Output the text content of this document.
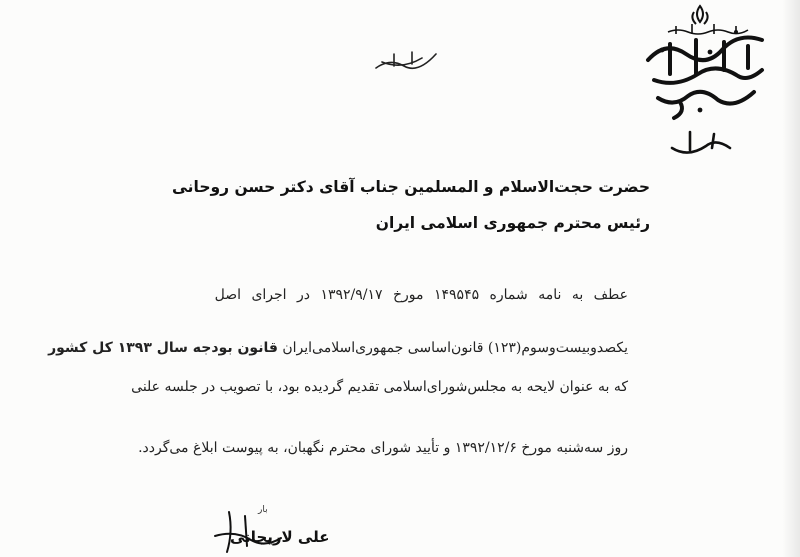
حضرت حجت‌الاسلام و المسلمین جناب آقای دکتر حسن روحانی
رئیس محترم جمهوری اسلامی ایران
عطف به نامه شماره ۱۴۹۵۴۵ مورخ ۱۳۹۲/۹/۱۷ در اجرای اصل
یکصدوبیست‌وسوم(۱۲۳) قانون‌اساسی جمهوری‌اسلامی‌ایران قانون بودجه سال ۱۳۹۳ کل کشور
که به عنوان لایحه به مجلس‌شورای‌اسلامی تقدیم گردیده بود، با تصویب در جلسه علنی
روز سه‌شنبه مورخ ۱۳۹۲/۱۲/۶ و تأیید شورای محترم نگهبان، به پیوست ابلاغ می‌گردد.
بار
علی لاریجانی
